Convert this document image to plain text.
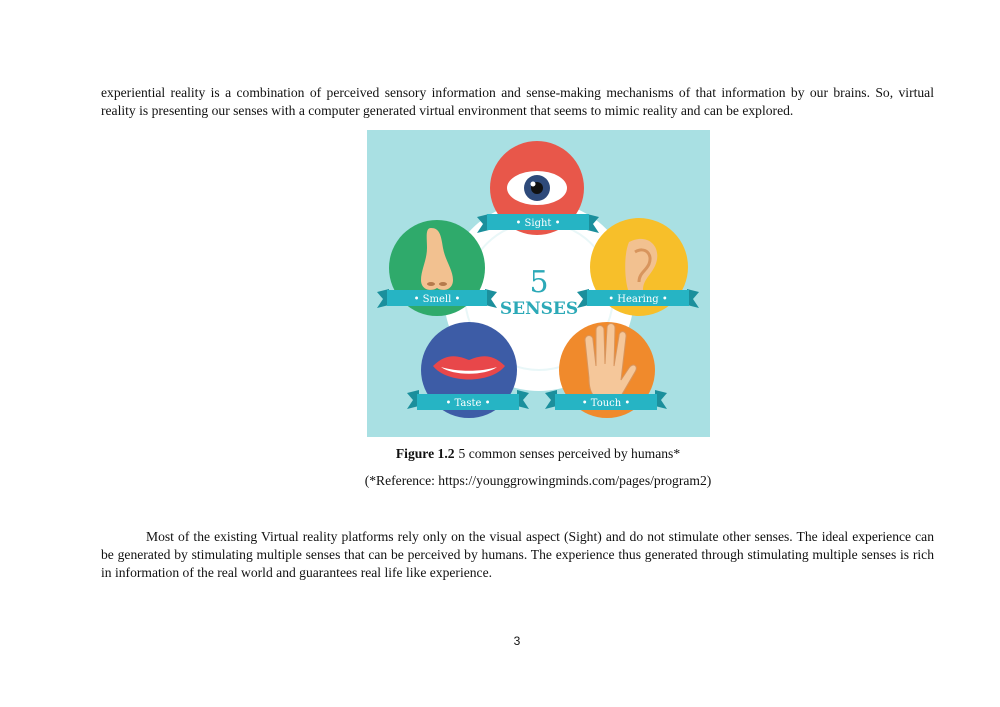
experiential reality is a combination of perceived sensory information and sense-making mechanisms of that information by our brains. So, virtual reality is presenting our senses with a computer generated virtual environment that seems to mimic reality and can be explored.

5
SENSES
• Sight •
• Hearing •
• Touch •
• Taste •
• Smell •

Figure 1.2 5 common senses perceived by humans*

(*Reference: https://younggrowingminds.com/pages/program2)

Most of the existing Virtual reality platforms rely only on the visual aspect (Sight) and do not stimulate other senses. The ideal experience can be generated by stimulating multiple senses that can be perceived by humans. The experience thus generated through stimulating multiple senses is rich in information of the real world and guarantees real life like experience.

3
